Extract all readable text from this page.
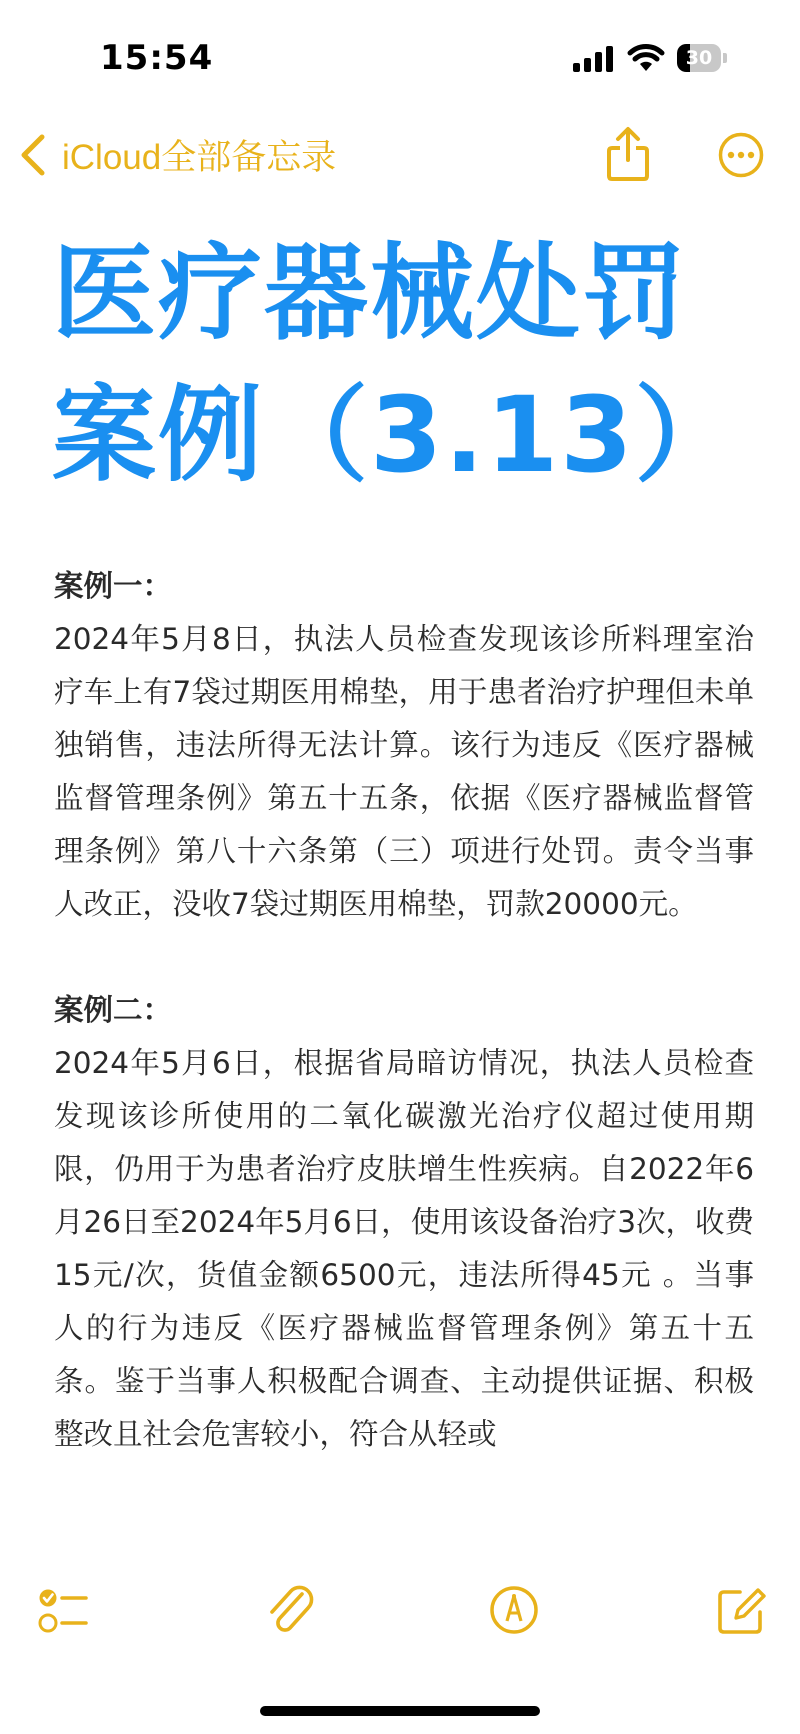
15:54	30
iCloud全部备忘录
医疗器械处罚
案例（3.13）

案例一：

2024年5月8日，执法人员检查发现该诊所料理室治疗车上有7袋过期医用棉垫，用于患者治疗护理但未单独销售，违法所得无法计算。该行为违反《医疗器械监督管理条例》第五十五条，依据《医疗器械监督管理条例》第八十六条第（三）项进行处罚。责令当事人改正，没收7袋过期医用棉垫，罚款20000元。

案例二：

2024年5月6日，根据省局暗访情况，执法人员检查发现该诊所使用的二氧化碳激光治疗仪超过使用期限，仍用于为患者治疗皮肤增生性疾病。自2022年6月26日至2024年5月6日，使用该设备治疗3次，收费15元/次，货值金额6500元，违法所得45元 。当事人的行为违反《医疗器械监督管理条例》第五十五条。鉴于当事人积极配合调查、主动提供证据、积极整改且社会危害较小，符合从轻或
